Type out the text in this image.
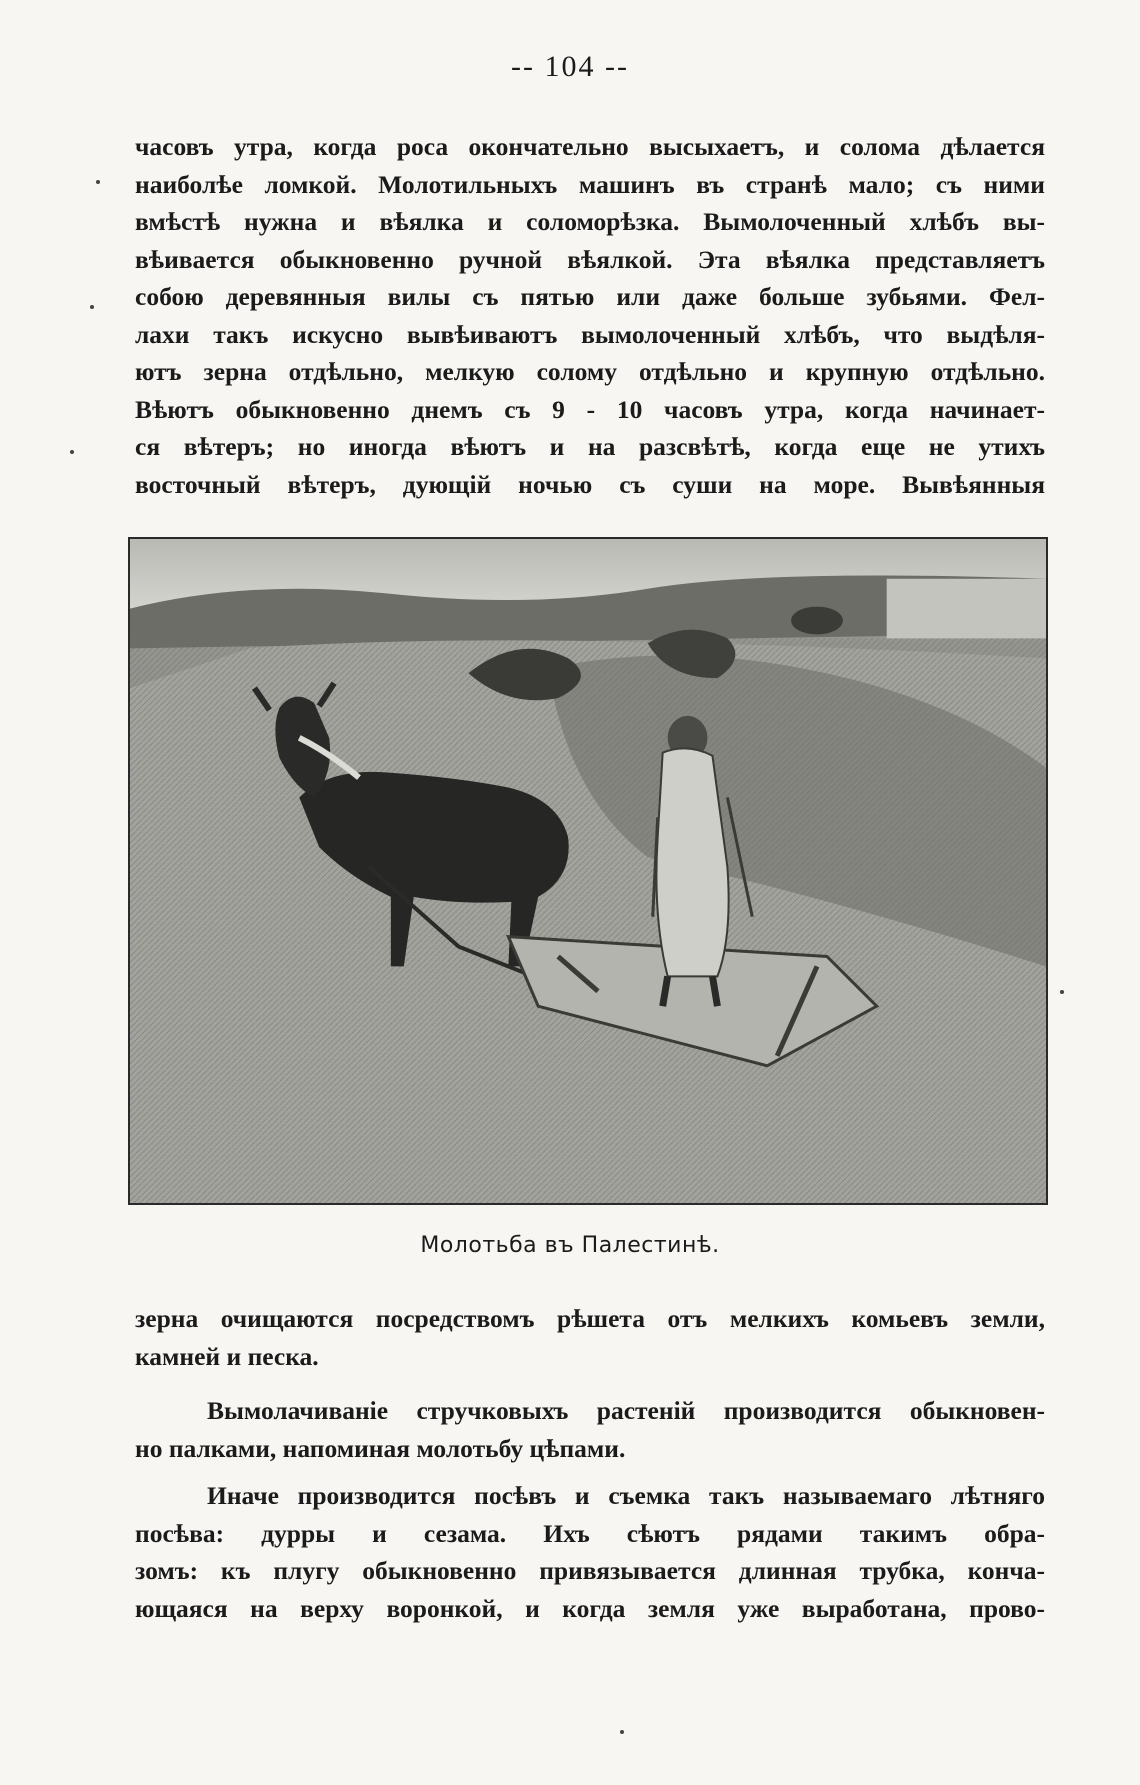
-- 104 --
часовъ утра, когда роса окончательно высыхаетъ, и солома дѣлается
наиболѣе ломкой. Молотильныхъ машинъ въ странѣ мало; съ ними
вмѣстѣ нужна и вѣялка и соломорѣзка. Вымолоченный хлѣбъ вы-
вѣивается обыкновенно ручной вѣялкой. Эта вѣялка представляетъ
собою деревянныя вилы съ пятью или даже больше зубьями. Фел-
лахи такъ искусно вывѣиваютъ вымолоченный хлѣбъ, что выдѣля-
ютъ зерна отдѣльно, мелкую солому отдѣльно и крупную отдѣльно.
Вѣютъ обыкновенно днемъ съ 9 - 10 часовъ утра, когда начинает-
ся вѣтеръ; но иногда вѣютъ и на разсвѣтѣ, когда еще не утихъ
восточный вѣтеръ, дующій ночью съ суши на море. Вывѣянныя
Молотьба въ Палестинѣ.
зерна очищаются посредствомъ рѣшета отъ мелкихъ комьевъ земли,
камней и песка.
Вымолачиваніе стручковыхъ растеній производится обыкновен-
но палками, напоминая молотьбу цѣпами.
Иначе производится посѣвъ и съемка такъ называемаго лѣтняго
посѣва: дурры и сезама. Ихъ сѣютъ рядами такимъ обра-
зомъ: къ плугу обыкновенно привязывается длинная трубка, конча-
ющаяся на верху воронкой, и когда земля уже выработана, прово-
